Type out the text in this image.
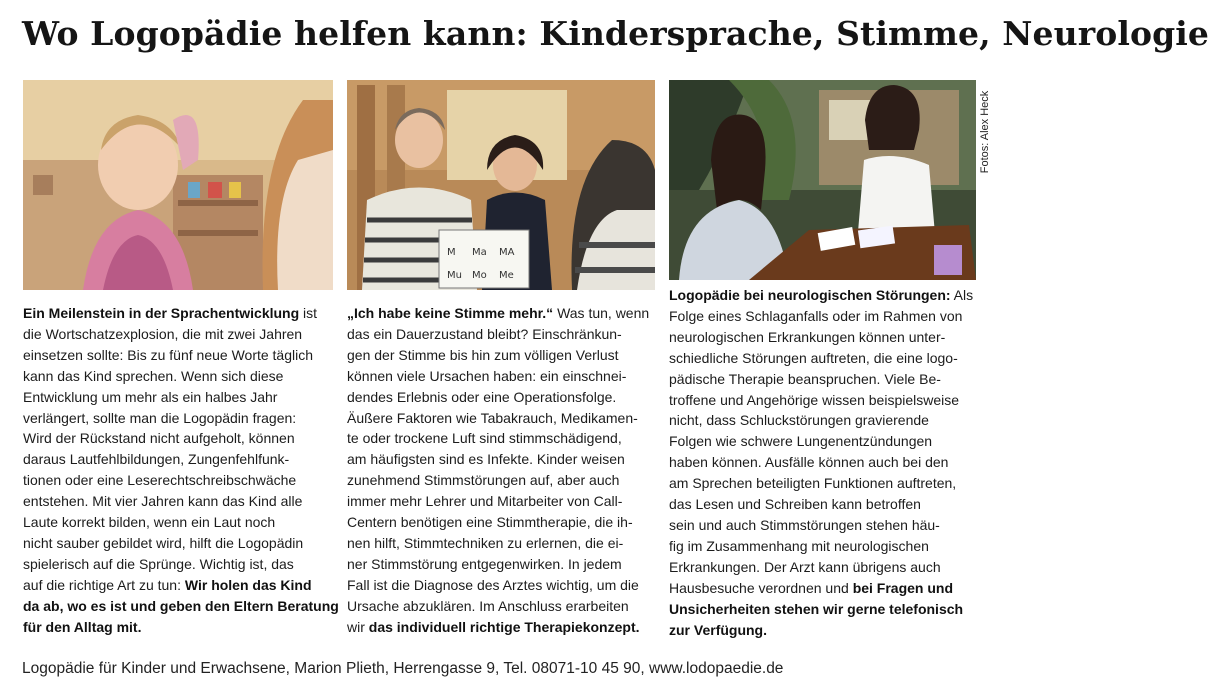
Wo Logopädie helfen kann: Kindersprache, Stimme, Neurologie
M Ma MA
Mu Mo Me
Fotos: Alex Heck
Ein Meilenstein in der Sprachentwicklung ist
die Wortschatzexplosion, die mit zwei Jahren
einsetzen sollte: Bis zu fünf neue Worte täglich
kann das Kind sprechen. Wenn sich diese
Entwicklung um mehr als ein halbes Jahr
verlängert, sollte man die Logopädin fragen:
Wird der Rückstand nicht aufgeholt, können
daraus Lautfehlbildungen, Zungenfehlfunk-
tionen oder eine Leserechtschreibschwäche
entstehen. Mit vier Jahren kann das Kind alle
Laute korrekt bilden, wenn ein Laut noch
nicht sauber gebildet wird, hilft die Logopädin
spielerisch auf die Sprünge. Wichtig ist, das
auf die richtige Art zu tun: Wir holen das Kind
da ab, wo es ist und geben den Eltern Beratung
für den Alltag mit.
„Ich habe keine Stimme mehr.“ Was tun, wenn
das ein Dauerzustand bleibt? Einschränkun-
gen der Stimme bis hin zum völligen Verlust
können viele Ursachen haben: ein einschnei-
dendes Erlebnis oder eine Operationsfolge.
Äußere Faktoren wie Tabakrauch, Medikamen-
te oder trockene Luft sind stimmschädigend,
am häufigsten sind es Infekte. Kinder weisen
zunehmend Stimmstörungen auf, aber auch
immer mehr Lehrer und Mitarbeiter von Call-
Centern benötigen eine Stimmtherapie, die ih-
nen hilft, Stimmtechniken zu erlernen, die ei-
ner Stimmstörung entgegenwirken. In jedem
Fall ist die Diagnose des Arztes wichtig, um die
Ursache abzuklären. Im Anschluss erarbeiten
wir das individuell richtige Therapiekonzept.
Logopädie bei neurologischen Störungen: Als
Folge eines Schlaganfalls oder im Rahmen von
neurologischen Erkrankungen können unter-
schiedliche Störungen auftreten, die eine logo-
pädische Therapie beanspruchen. Viele Be-
troffene und Angehörige wissen beispielsweise
nicht, dass Schluckstörungen gravierende
Folgen wie schwere Lungenentzündungen
haben können. Ausfälle können auch bei den
am Sprechen beteiligten Funktionen auftreten,
das Lesen und Schreiben kann betroffen
sein und auch Stimmstörungen stehen häu-
fig im Zusammenhang mit neurologischen
Erkrankungen. Der Arzt kann übrigens auch
Hausbesuche verordnen und bei Fragen und
Unsicherheiten stehen wir gerne telefonisch
zur Verfügung.
Logopädie für Kinder und Erwachsene, Marion Plieth, Herrengasse 9, Tel. 08071-10 45 90, www.lodopaedie.de
